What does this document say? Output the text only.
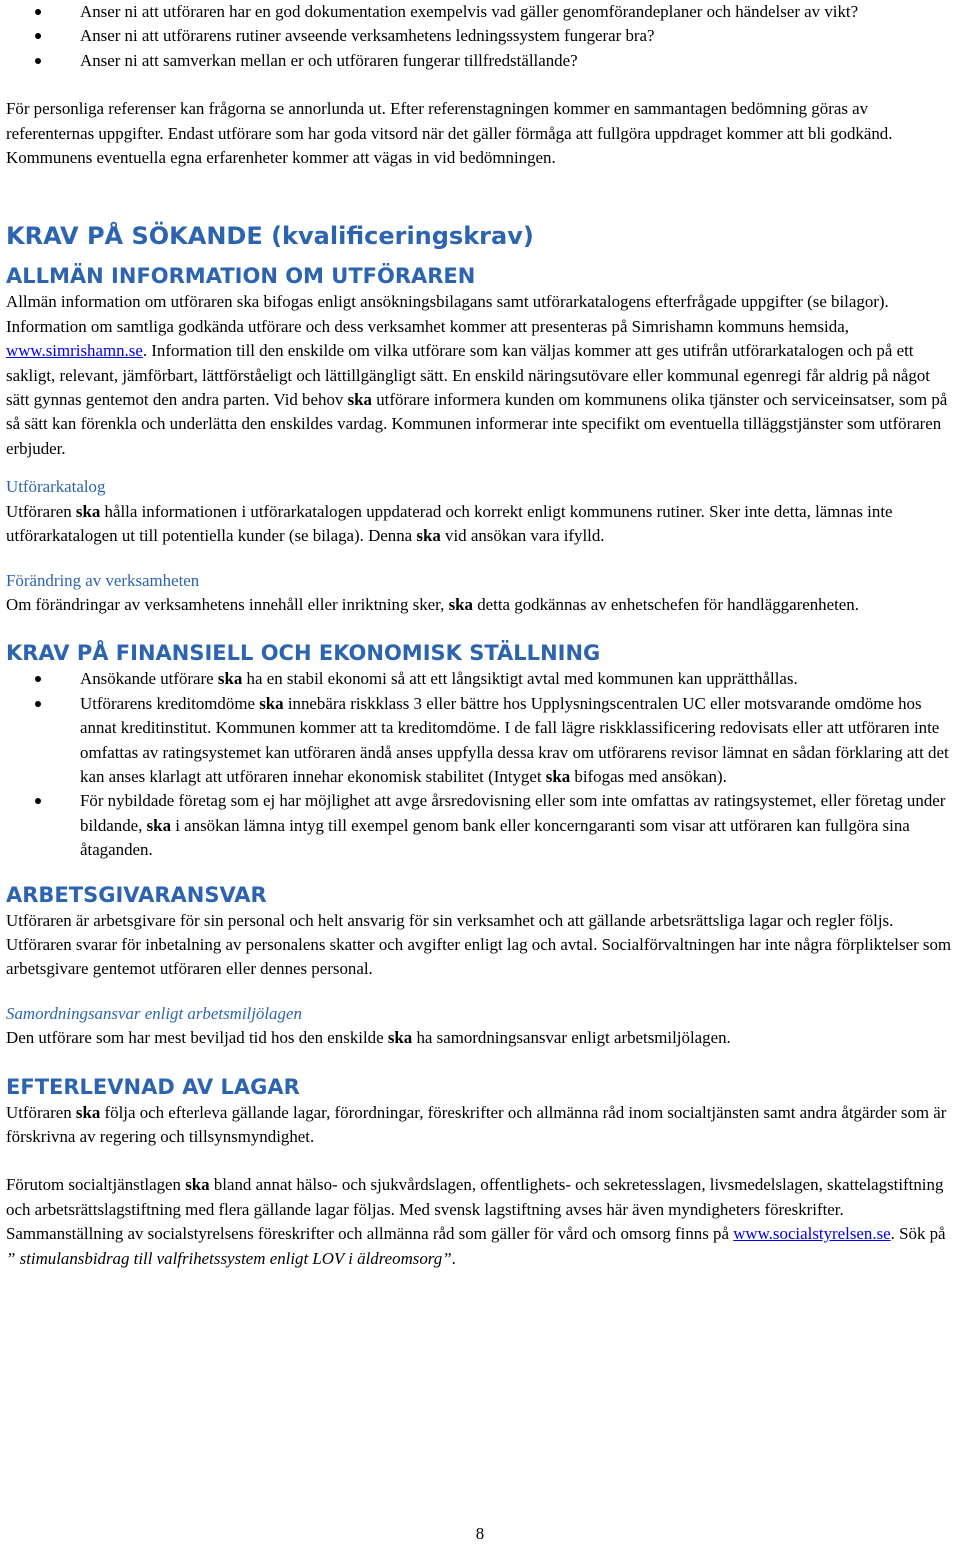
Anser ni att utföraren har en god dokumentation exempelvis vad gäller genomförandeplaner och händelser av vikt?
Anser ni att utförarens rutiner avseende verksamhetens ledningssystem fungerar bra?
Anser ni att samverkan mellan er och utföraren fungerar tillfredställande?

För personliga referenser kan frågorna se annorlunda ut. Efter referenstagningen kommer en sammantagen bedömning göras av referenternas uppgifter. Endast utförare som har goda vitsord när det gäller förmåga att fullgöra uppdraget kommer att bli godkänd. Kommunens eventuella egna erfarenheter kommer att vägas in vid bedömningen.

KRAV PÅ SÖKANDE (kvalificeringskrav)
ALLMÄN INFORMATION OM UTFÖRAREN

Allmän information om utföraren ska bifogas enligt ansökningsbilagans samt utförarkatalogens efterfrågade uppgifter (se bilagor). Information om samtliga godkända utförare och dess verksamhet kommer att presenteras på Simrishamn kommuns hemsida, www.simrishamn.se. Information till den enskilde om vilka utförare som kan väljas kommer att ges utifrån utförarkatalogen och på ett sakligt, relevant, jämförbart, lättförståeligt och lättillgängligt sätt. En enskild näringsutövare eller kommunal egenregi får aldrig på något sätt gynnas gentemot den andra parten. Vid behov ska utförare informera kunden om kommunens olika tjänster och serviceinsatser, som på så sätt kan förenkla och underlätta den enskildes vardag. Kommunen informerar inte specifikt om eventuella tilläggstjänster som utföraren erbjuder.

Utförarkatalog

Utföraren ska hålla informationen i utförarkatalogen uppdaterad och korrekt enligt kommunens rutiner. Sker inte detta, lämnas inte utförarkatalogen ut till potentiella kunder (se bilaga). Denna ska vid ansökan vara ifylld.

Förändring av verksamheten

Om förändringar av verksamhetens innehåll eller inriktning sker, ska detta godkännas av enhetschefen för handläggarenheten.

KRAV PÅ FINANSIELL OCH EKONOMISK STÄLLNING
Ansökande utförare ska ha en stabil ekonomi så att ett långsiktigt avtal med kommunen kan upprätthållas.
Utförarens kreditomdöme ska innebära riskklass 3 eller bättre hos Upplysningscentralen UC eller motsvarande omdöme hos annat kreditinstitut. Kommunen kommer att ta kreditomdöme. I de fall lägre riskklassificering redovisats eller att utföraren inte omfattas av ratingsystemet kan utföraren ändå anses uppfylla dessa krav om utförarens revisor lämnat en sådan förklaring att det kan anses klarlagt att utföraren innehar ekonomisk stabilitet (Intyget ska bifogas med ansökan).
För nybildade företag som ej har möjlighet att avge årsredovisning eller som inte omfattas av ratingsystemet, eller företag under bildande, ska i ansökan lämna intyg till exempel genom bank eller koncerngaranti som visar att utföraren kan fullgöra sina åtaganden.
ARBETSGIVARANSVAR

Utföraren är arbetsgivare för sin personal och helt ansvarig för sin verksamhet och att gällande arbetsrättsliga lagar och regler följs. Utföraren svarar för inbetalning av personalens skatter och avgifter enligt lag och avtal. Socialförvaltningen har inte några förpliktelser som arbetsgivare gentemot utföraren eller dennes personal.

Samordningsansvar enligt arbetsmiljölagen

Den utförare som har mest beviljad tid hos den enskilde ska ha samordningsansvar enligt arbetsmiljölagen.

EFTERLEVNAD AV LAGAR

Utföraren ska följa och efterleva gällande lagar, förordningar, föreskrifter och allmänna råd inom socialtjänsten samt andra åtgärder som är förskrivna av regering och tillsynsmyndighet.

Förutom socialtjänstlagen ska bland annat hälso- och sjukvårdslagen, offentlighets- och sekretesslagen, livsmedelslagen, skattelagstiftning och arbetsrättslagstiftning med flera gällande lagar följas. Med svensk lagstiftning avses här även myndigheters föreskrifter. Sammanställning av socialstyrelsens föreskrifter och allmänna råd som gäller för vård och omsorg finns på www.socialstyrelsen.se. Sök på ” stimulansbidrag till valfrihetssystem enligt LOV i äldreomsorg”.

8
